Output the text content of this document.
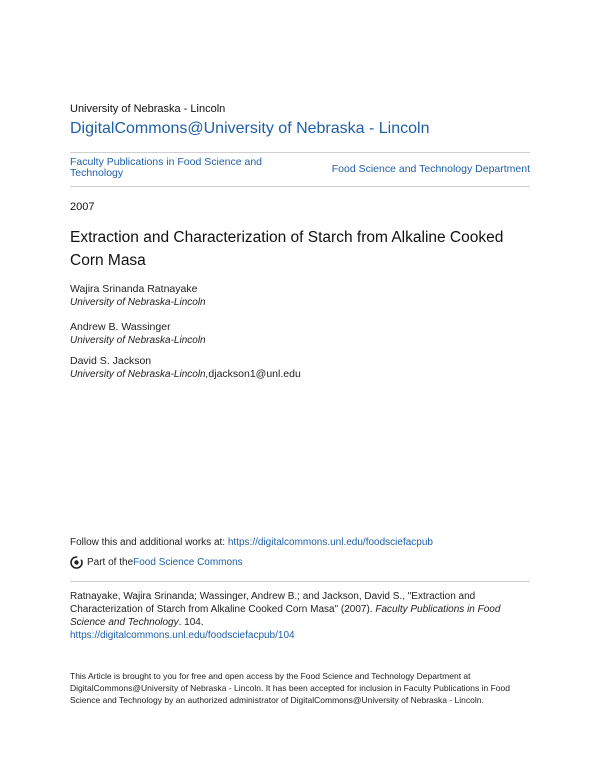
University of Nebraska - Lincoln
DigitalCommons@University of Nebraska - Lincoln
Faculty Publications in Food Science and Technology	Food Science and Technology Department
2007
Extraction and Characterization of Starch from Alkaline Cooked Corn Masa
Wajira Srinanda Ratnayake
University of Nebraska-Lincoln
Andrew B. Wassinger
University of Nebraska-Lincoln
David S. Jackson
University of Nebraska-Lincoln,djackson1@unl.edu
Follow this and additional works at: https://digitalcommons.unl.edu/foodsciefacpub
Part of the Food Science Commons
Ratnayake, Wajira Srinanda; Wassinger, Andrew B.; and Jackson, David S., "Extraction and Characterization of Starch from Alkaline Cooked Corn Masa" (2007). Faculty Publications in Food Science and Technology. 104.
https://digitalcommons.unl.edu/foodsciefacpub/104
This Article is brought to you for free and open access by the Food Science and Technology Department at DigitalCommons@University of Nebraska - Lincoln. It has been accepted for inclusion in Faculty Publications in Food Science and Technology by an authorized administrator of DigitalCommons@University of Nebraska - Lincoln.
